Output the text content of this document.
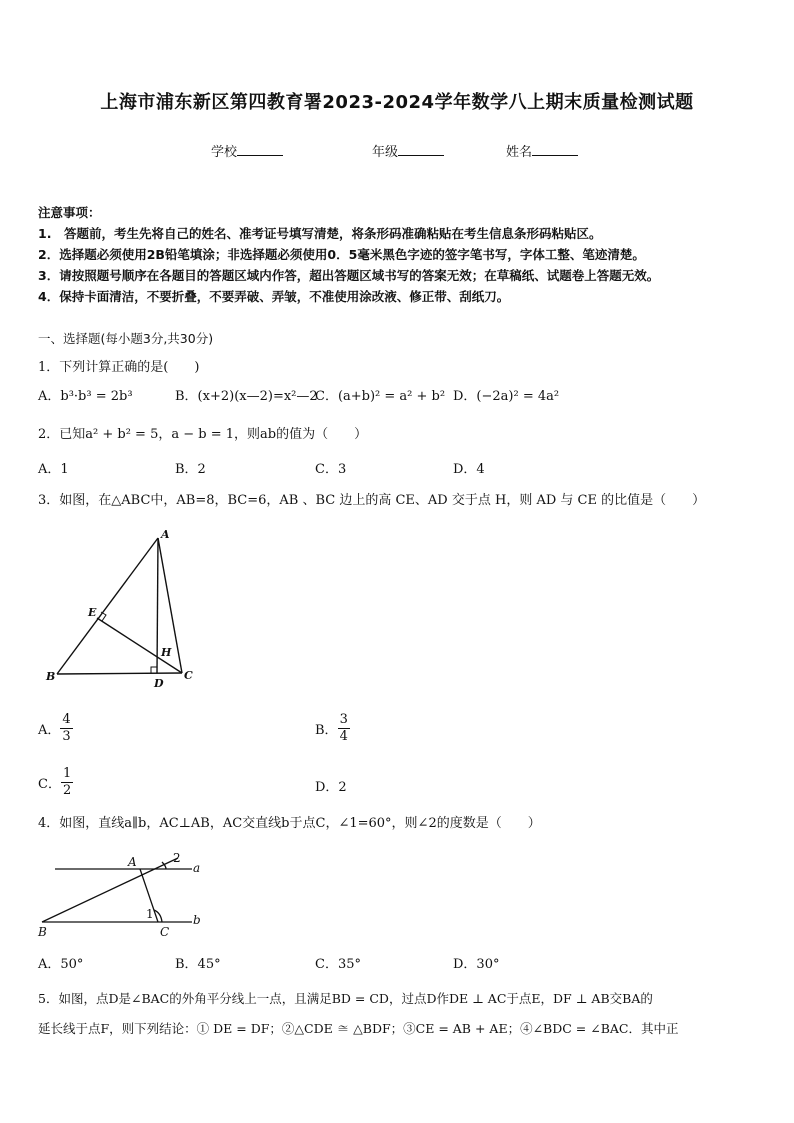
上海市浦东新区第四教育署2023-2024学年数学八上期末质量检测试题
学校	年级	姓名
注意事项：
1.　答题前，考生先将自己的姓名、准考证号填写清楚，将条形码准确粘贴在考生信息条形码粘贴区。
2．选择题必须使用2B铅笔填涂；非选择题必须使用0．5毫米黑色字迹的签字笔书写，字体工整、笔迹清楚。
3．请按照题号顺序在各题目的答题区域内作答，超出答题区域书写的答案无效；在草稿纸、试题卷上答题无效。
4．保持卡面清洁，不要折叠，不要弄破、弄皱，不准使用涂改液、修正带、刮纸刀。
一、选择题(每小题3分,共30分)
1．下列计算正确的是(　　)
A．b³·b³ = 2b³	B．(x+2)(x—2)=x²—2
C．(a+b)² = a² + b² D．(−2a)² = 4a²
2．已知a² + b² = 5，a − b = 1，则ab的值为（　　）
A．1	B．2	C．3	D．4
3．如图，在△ABC中，AB=8，BC=6，AB 、BC 边上的高 CE、AD 交于点 H，则 AD 与 CE 的比值是（　　）
A
B	C
D
E
H
A． $\frac{4}{3}$	B． $\frac{3}{4}$
C． $\frac{1}{2}$	D．2
4．如图，直线a∥b，AC⊥AB，AC交直线b于点C，∠1=60°，则∠2的度数是（　　）
A
B	C
a
b
1
2
A．50°	B．45°	C．35°	D．30°
5．如图，点D是∠BAC的外角平分线上一点，且满足BD = CD，过点D作DE ⊥ AC于点E，DF ⊥ AB交BA的
延长线于点F，则下列结论：① DE = DF；②△CDE ≅ △BDF；③CE = AB + AE；④∠BDC = ∠BAC．其中正
